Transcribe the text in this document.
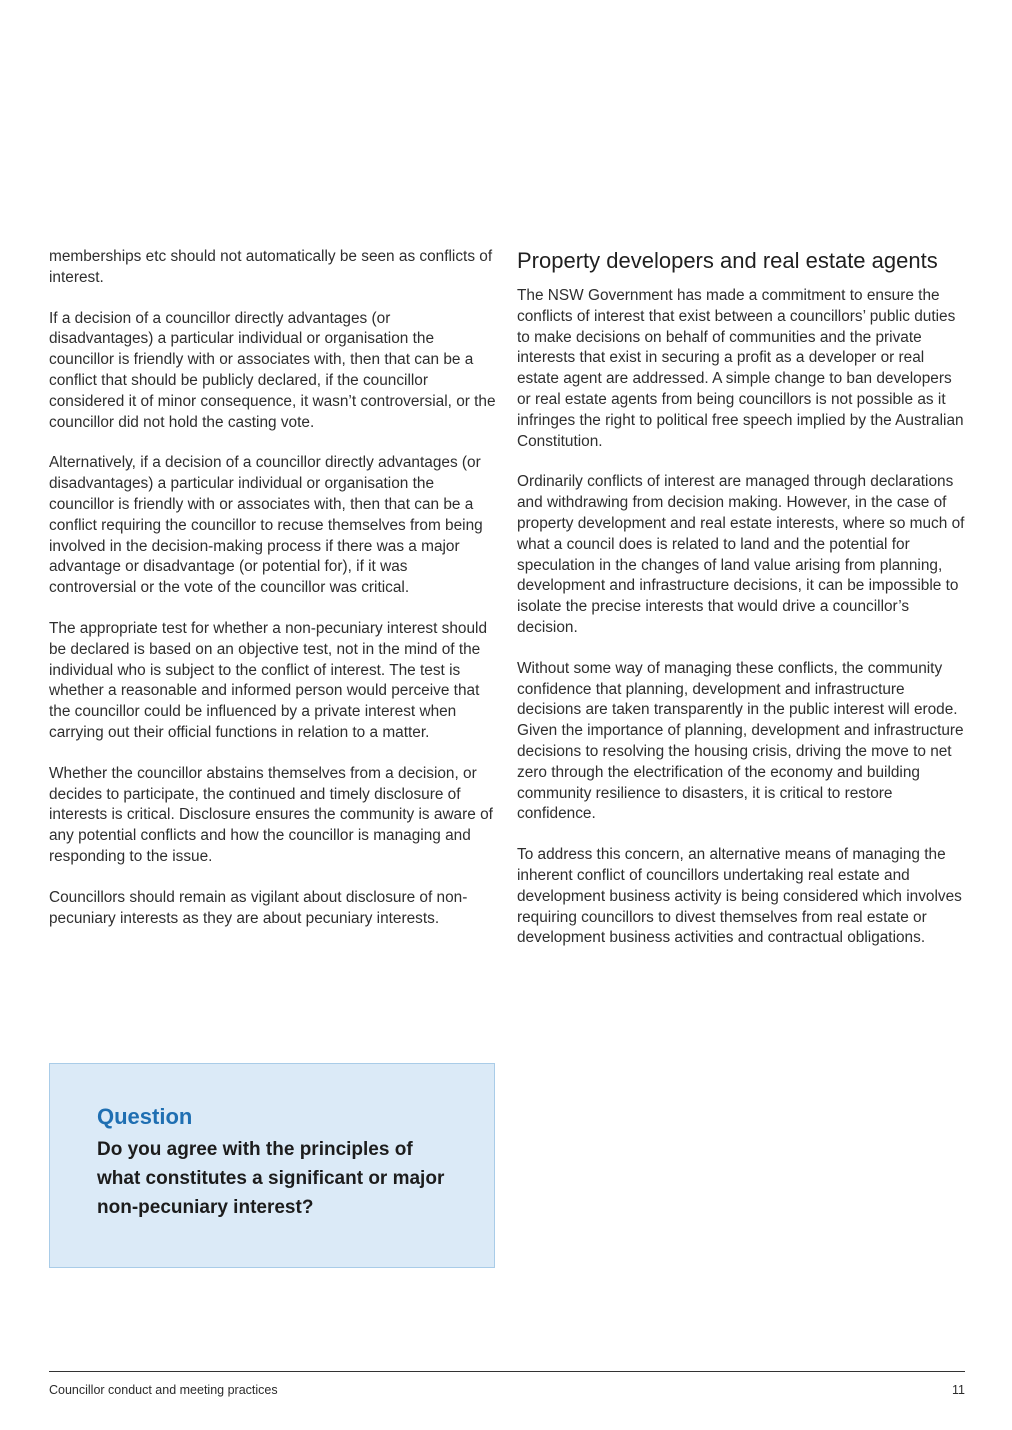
memberships etc should not automatically be seen as conflicts of interest.

If a decision of a councillor directly advantages (or disadvantages) a particular individual or organisation the councillor is friendly with or associates with, then that can be a conflict that should be publicly declared, if the councillor considered it of minor consequence, it wasn’t controversial, or the councillor did not hold the casting vote.

Alternatively, if a decision of a councillor directly advantages (or disadvantages) a particular individual or organisation the councillor is friendly with or associates with, then that can be a conflict requiring the councillor to recuse themselves from being involved in the decision-making process if there was a major advantage or disadvantage (or potential for), if it was controversial or the vote of the councillor was critical.

The appropriate test for whether a non-pecuniary interest should be declared is based on an objective test, not in the mind of the individual who is subject to the conflict of interest. The test is whether a reasonable and informed person would perceive that the councillor could be influenced by a private interest when carrying out their official functions in relation to a matter.

Whether the councillor abstains themselves from a decision, or decides to participate, the continued and timely disclosure of interests is critical. Disclosure ensures the community is aware of any potential conflicts and how the councillor is managing and responding to the issue.

Councillors should remain as vigilant about disclosure of non-pecuniary interests as they are about pecuniary interests.

Question

Do you agree with the principles of what constitutes a significant or major non-pecuniary interest?

Property developers and real estate agents

The NSW Government has made a commitment to ensure the conflicts of interest that exist between a councillors’ public duties to make decisions on behalf of communities and the private interests that exist in securing a profit as a developer or real estate agent are addressed. A simple change to ban developers or real estate agents from being councillors is not possible as it infringes the right to political free speech implied by the Australian Constitution.

Ordinarily conflicts of interest are managed through declarations and withdrawing from decision making. However, in the case of property development and real estate interests, where so much of what a council does is related to land and the potential for speculation in the changes of land value arising from planning, development and infrastructure decisions, it can be impossible to isolate the precise interests that would drive a councillor’s decision.

Without some way of managing these conflicts, the community confidence that planning, development and infrastructure decisions are taken transparently in the public interest will erode. Given the importance of planning, development and infrastructure decisions to resolving the housing crisis, driving the move to net zero through the electrification of the economy and building community resilience to disasters, it is critical to restore confidence.

To address this concern, an alternative means of managing the inherent conflict of councillors undertaking real estate and development business activity is being considered which involves requiring councillors to divest themselves from real estate or development business activities and contractual obligations.

Councillor conduct and meeting practices	11
